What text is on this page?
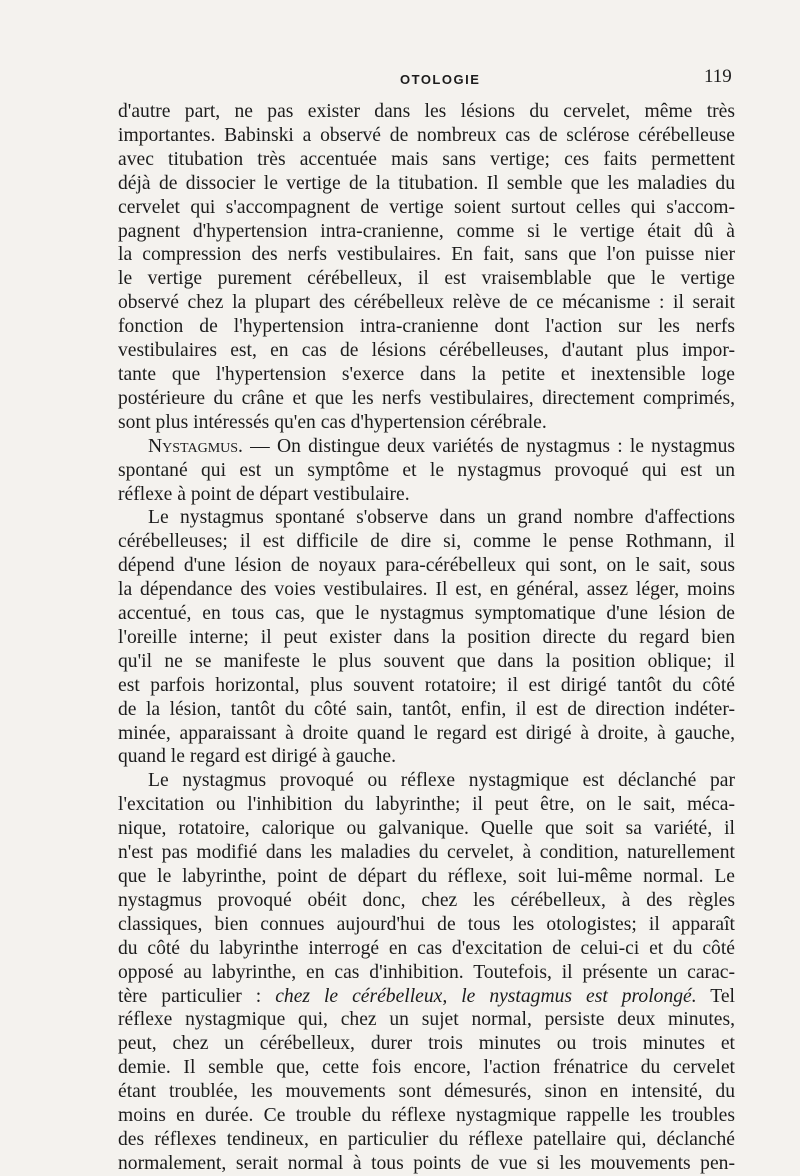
OTOLOGIE	119
d'autre part, ne pas exister dans les lésions du cervelet, même très
importantes. Babinski a observé de nombreux cas de sclérose cérébelleuse
avec titubation très accentuée mais sans vertige; ces faits permettent
déjà de dissocier le vertige de la titubation. Il semble que les maladies du
cervelet qui s'accompagnent de vertige soient surtout celles qui s'accom-
pagnent d'hypertension intra-cranienne, comme si le vertige était dû à
la compression des nerfs vestibulaires. En fait, sans que l'on puisse nier
le vertige purement cérébelleux, il est vraisemblable que le vertige
observé chez la plupart des cérébelleux relève de ce mécanisme : il serait
fonction de l'hypertension intra-cranienne dont l'action sur les nerfs
vestibulaires est, en cas de lésions cérébelleuses, d'autant plus impor-
tante que l'hypertension s'exerce dans la petite et inextensible loge
postérieure du crâne et que les nerfs vestibulaires, directement comprimés,
sont plus intéressés qu'en cas d'hypertension cérébrale.
Nystagmus. — On distingue deux variétés de nystagmus : le nystagmus
spontané qui est un symptôme et le nystagmus provoqué qui est un
réflexe à point de départ vestibulaire.
Le nystagmus spontané s'observe dans un grand nombre d'affections
cérébelleuses; il est difficile de dire si, comme le pense Rothmann, il
dépend d'une lésion de noyaux para-cérébelleux qui sont, on le sait, sous
la dépendance des voies vestibulaires. Il est, en général, assez léger, moins
accentué, en tous cas, que le nystagmus symptomatique d'une lésion de
l'oreille interne; il peut exister dans la position directe du regard bien
qu'il ne se manifeste le plus souvent que dans la position oblique; il
est parfois horizontal, plus souvent rotatoire; il est dirigé tantôt du côté
de la lésion, tantôt du côté sain, tantôt, enfin, il est de direction indéter-
minée, apparaissant à droite quand le regard est dirigé à droite, à gauche,
quand le regard est dirigé à gauche.
Le nystagmus provoqué ou réflexe nystagmique est déclanché par
l'excitation ou l'inhibition du labyrinthe; il peut être, on le sait, méca-
nique, rotatoire, calorique ou galvanique. Quelle que soit sa variété, il
n'est pas modifié dans les maladies du cervelet, à condition, naturellement
que le labyrinthe, point de départ du réflexe, soit lui-même normal. Le
nystagmus provoqué obéit donc, chez les cérébelleux, à des règles
classiques, bien connues aujourd'hui de tous les otologistes; il apparaît
du côté du labyrinthe interrogé en cas d'excitation de celui-ci et du côté
opposé au labyrinthe, en cas d'inhibition. Toutefois, il présente un carac-
tère particulier : chez le cérébelleux, le nystagmus est prolongé. Tel
réflexe nystagmique qui, chez un sujet normal, persiste deux minutes,
peut, chez un cérébelleux, durer trois minutes ou trois minutes et
demie. Il semble que, cette fois encore, l'action frénatrice du cervelet
étant troublée, les mouvements sont démesurés, sinon en intensité, du
moins en durée. Ce trouble du réflexe nystagmique rappelle les troubles
des réflexes tendineux, en particulier du réflexe patellaire qui, déclanché
normalement, serait normal à tous points de vue si les mouvements pen-
